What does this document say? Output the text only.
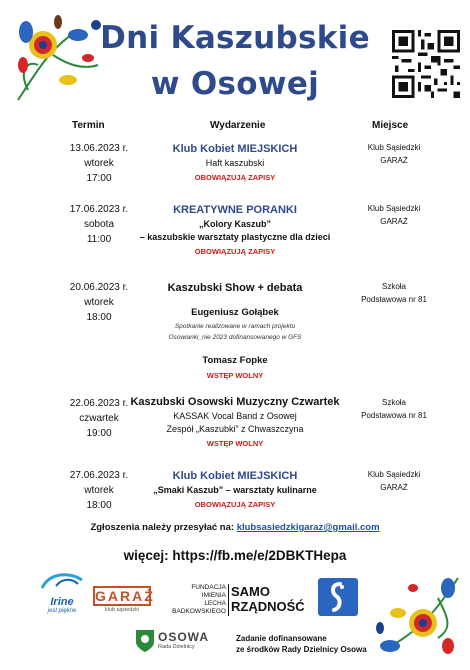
Dni Kaszubskie
w Osowej
Termin	Wydarzenie	Miejsce
13.06.2023 r.
wtorek
17:00
Klub Kobiet MIEJSKICH
Haft kaszubski
OBOWIĄZUJĄ ZAPISY
Klub Sąsiedzki
GARAŻ
17.06.2023 r.
sobota
11:00
KREATYWNE PORANKI
„Kolory Kaszub”
– kaszubskie warsztaty plastyczne dla dzieci
OBOWIĄZUJĄ ZAPISY
Klub Sąsiedzki
GARAŻ
20.06.2023 r.
wtorek
18:00
Kaszubski Show + debata
Eugeniusz Gołąbek
Spotkanie realizowane w ramach projektu
Osowianki_nie 2023 dofinansowanego w GFS
Tomasz Fopke
WSTĘP WOLNY
Szkoła
Podstawowa nr 81
22.06.2023 r.
czwartek
19:00
Kaszubski Osowski Muzyczny Czwartek
KASSAK Vocal Band z Osowej
Zespół „Kaszubki” z Chwaszczyna
WSTĘP WOLNY
Szkoła
Podstawowa nr 81
27.06.2023 r.
wtorek
18:00
Klub Kobiet MIEJSKICH
„Smaki Kaszub” – warsztaty kulinarne
OBOWIĄZUJĄ ZAPISY
Klub Sąsiedzki
GARAŻ
Zgłoszenia należy przesyłać na: klubsasiedzkigaraz@gmail.com
więcej: https://fb.me/e/2DBKTHepa
Irine
jest piękne
GARAŻ
klub sąsiedzki
FUNDACJA
IMIENIA
LECHA
BADKOWSKIEGO
SAMO
RZĄDNOŚĆ
OSOWA
Rada Dzielnicy
Zadanie dofinansowane
ze środków Rady Dzielnicy Osowa
